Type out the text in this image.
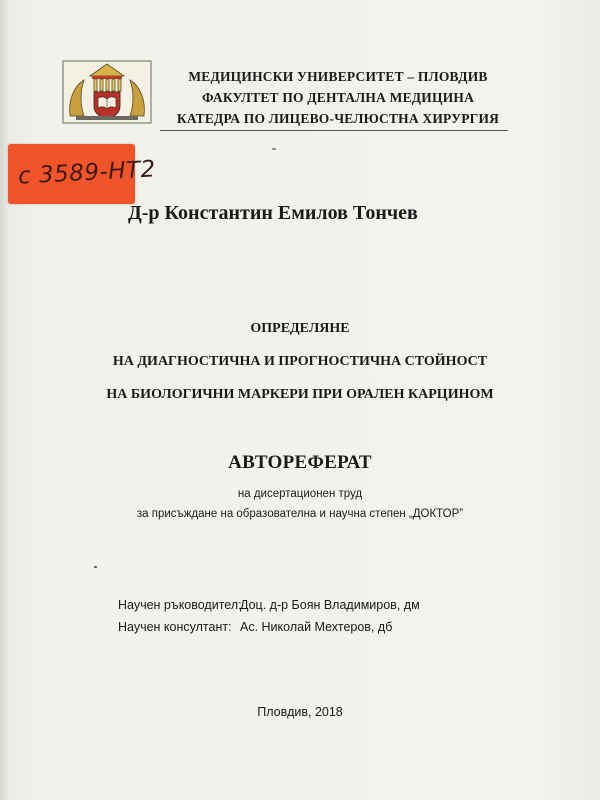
МЕДИЦИНСКИ УНИВЕРСИТЕТ – ПЛОВДИВ
ФАКУЛТЕТ ПО ДЕНТАЛНА МЕДИЦИНА
КАТЕДРА ПО ЛИЦЕВО-ЧЕЛЮСТНА ХИРУРГИЯ
с 3589-НТ2
Д-р Константин Емилов Тончев
ОПРЕДЕЛЯНЕ
НА ДИАГНОСТИЧНА И ПРОГНОСТИЧНА СТОЙНОСТ
НА БИОЛОГИЧНИ МАРКЕРИ ПРИ ОРАЛЕН КАРЦИНОМ
АВТОРЕФЕРАТ
на дисертационен труд
за присъждане на образователна и научна степен „ДОКТОР”
Научен ръководител:Доц. д-р Боян Владимиров, дм
Научен консултант: Ас. Николай Мехтеров, дб
Пловдив, 2018
